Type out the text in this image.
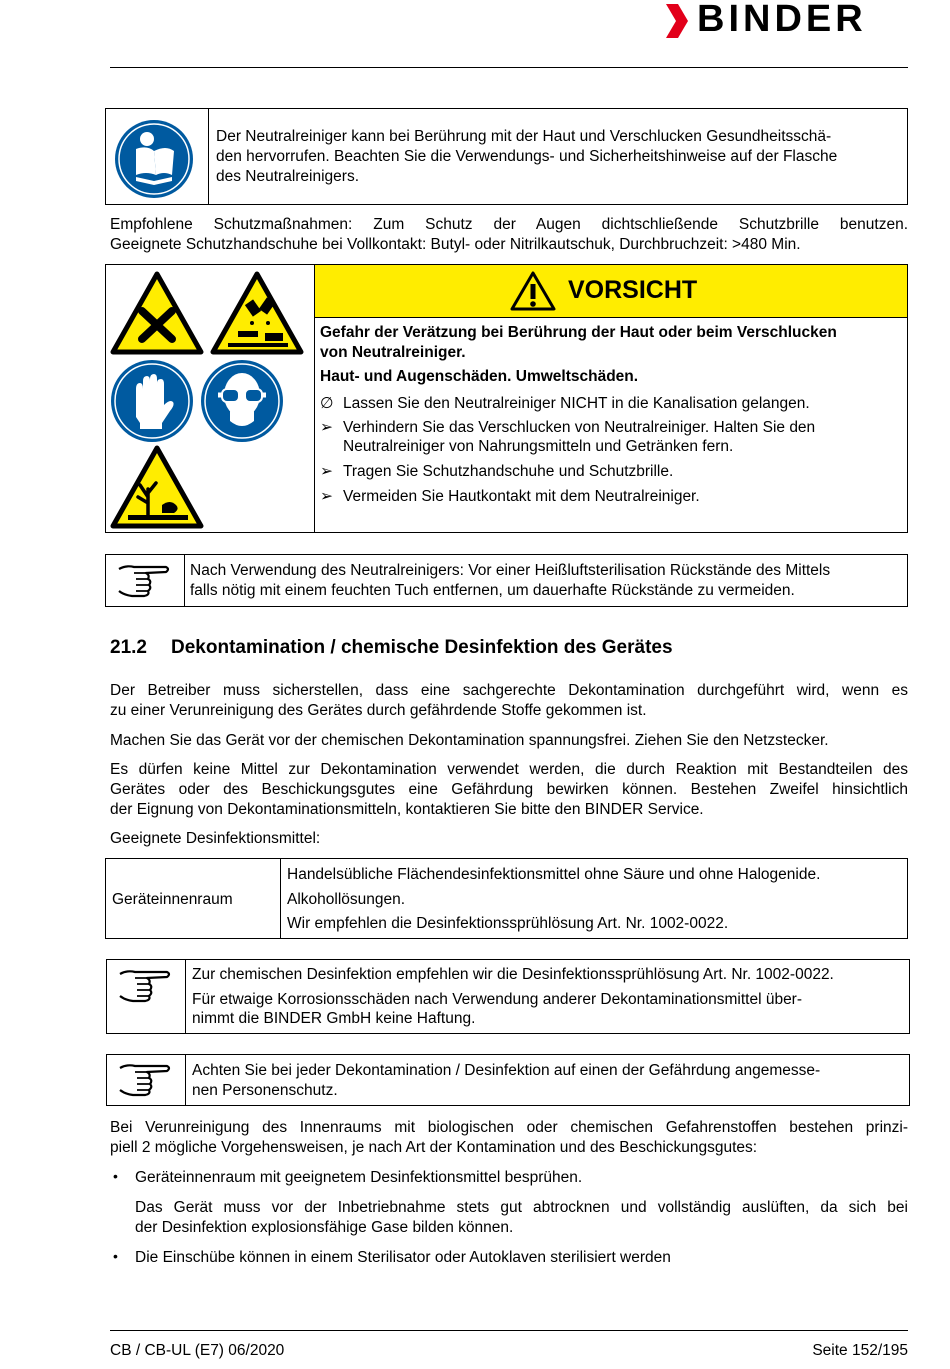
BINDER

Der Neutralreiniger kann bei Berührung mit der Haut und Verschlucken Gesundheitsschä-

den hervorrufen. Beachten Sie die Verwendungs- und Sicherheitshinweise auf der Flasche

des Neutralreinigers.

Empfohlene Schutzmaßnahmen: Zum Schutz der Augen dichtschließende Schutzbrille benutzen.

Geeignete Schutzhandschuhe bei Vollkontakt: Butyl- oder Nitrilkautschuk, Durchbruchzeit: >480 Min.

VORSICHT

Gefahr der Verätzung bei Berührung der Haut oder beim Verschlucken

von Neutralreiniger.

Haut- und Augenschäden. Umweltschäden.

∅ Lassen Sie den Neutralreiniger NICHT in die Kanalisation gelangen.
➢ Verhindern Sie das Verschlucken von Neutralreiniger. Halten Sie den
Neutralreiniger von Nahrungsmitteln und Getränken fern.
➢ Tragen Sie Schutzhandschuhe und Schutzbrille.
➢ Vermeiden Sie Hautkontakt mit dem Neutralreiniger.

Nach Verwendung des Neutralreinigers: Vor einer Heißluftsterilisation Rückstände des Mittels

falls nötig mit einem feuchten Tuch entfernen, um dauerhafte Rückstände zu vermeiden.

21.2 Dekontamination / chemische Desinfektion des Gerätes

Der Betreiber muss sicherstellen, dass eine sachgerechte Dekontamination durchgeführt wird, wenn es

zu einer Verunreinigung des Gerätes durch gefährdende Stoffe gekommen ist.

Machen Sie das Gerät vor der chemischen Dekontamination spannungsfrei. Ziehen Sie den Netzstecker.

Es dürfen keine Mittel zur Dekontamination verwendet werden, die durch Reaktion mit Bestandteilen des

Gerätes oder des Beschickungsgutes eine Gefährdung bewirken können. Bestehen Zweifel hinsichtlich

der Eignung von Dekontaminationsmitteln, kontaktieren Sie bitte den BINDER Service.

Geeignete Desinfektionsmittel:

Geräteinnenraum

Handelsübliche Flächendesinfektionsmittel ohne Säure und ohne Halogenide.

Alkohollösungen.

Wir empfehlen die Desinfektionssprühlösung Art. Nr. 1002-0022.

Zur chemischen Desinfektion empfehlen wir die Desinfektionssprühlösung Art. Nr. 1002-0022.

Für etwaige Korrosionsschäden nach Verwendung anderer Dekontaminationsmittel über-

nimmt die BINDER GmbH keine Haftung.

Achten Sie bei jeder Dekontamination / Desinfektion auf einen der Gefährdung angemesse-

nen Personenschutz.

Bei Verunreinigung des Innenraums mit biologischen oder chemischen Gefahrenstoffen bestehen prinzi-

piell 2 mögliche Vorgehensweisen, je nach Art der Kontamination und des Beschickungsgutes:

• Geräteinnenraum mit geeignetem Desinfektionsmittel besprühen.

Das Gerät muss vor der Inbetriebnahme stets gut abtrocknen und vollständig auslüften, da sich bei

der Desinfektion explosionsfähige Gase bilden können.

• Die Einschübe können in einem Sterilisator oder Autoklaven sterilisiert werden

CB / CB-UL (E7) 06/2020	Seite 152/195
